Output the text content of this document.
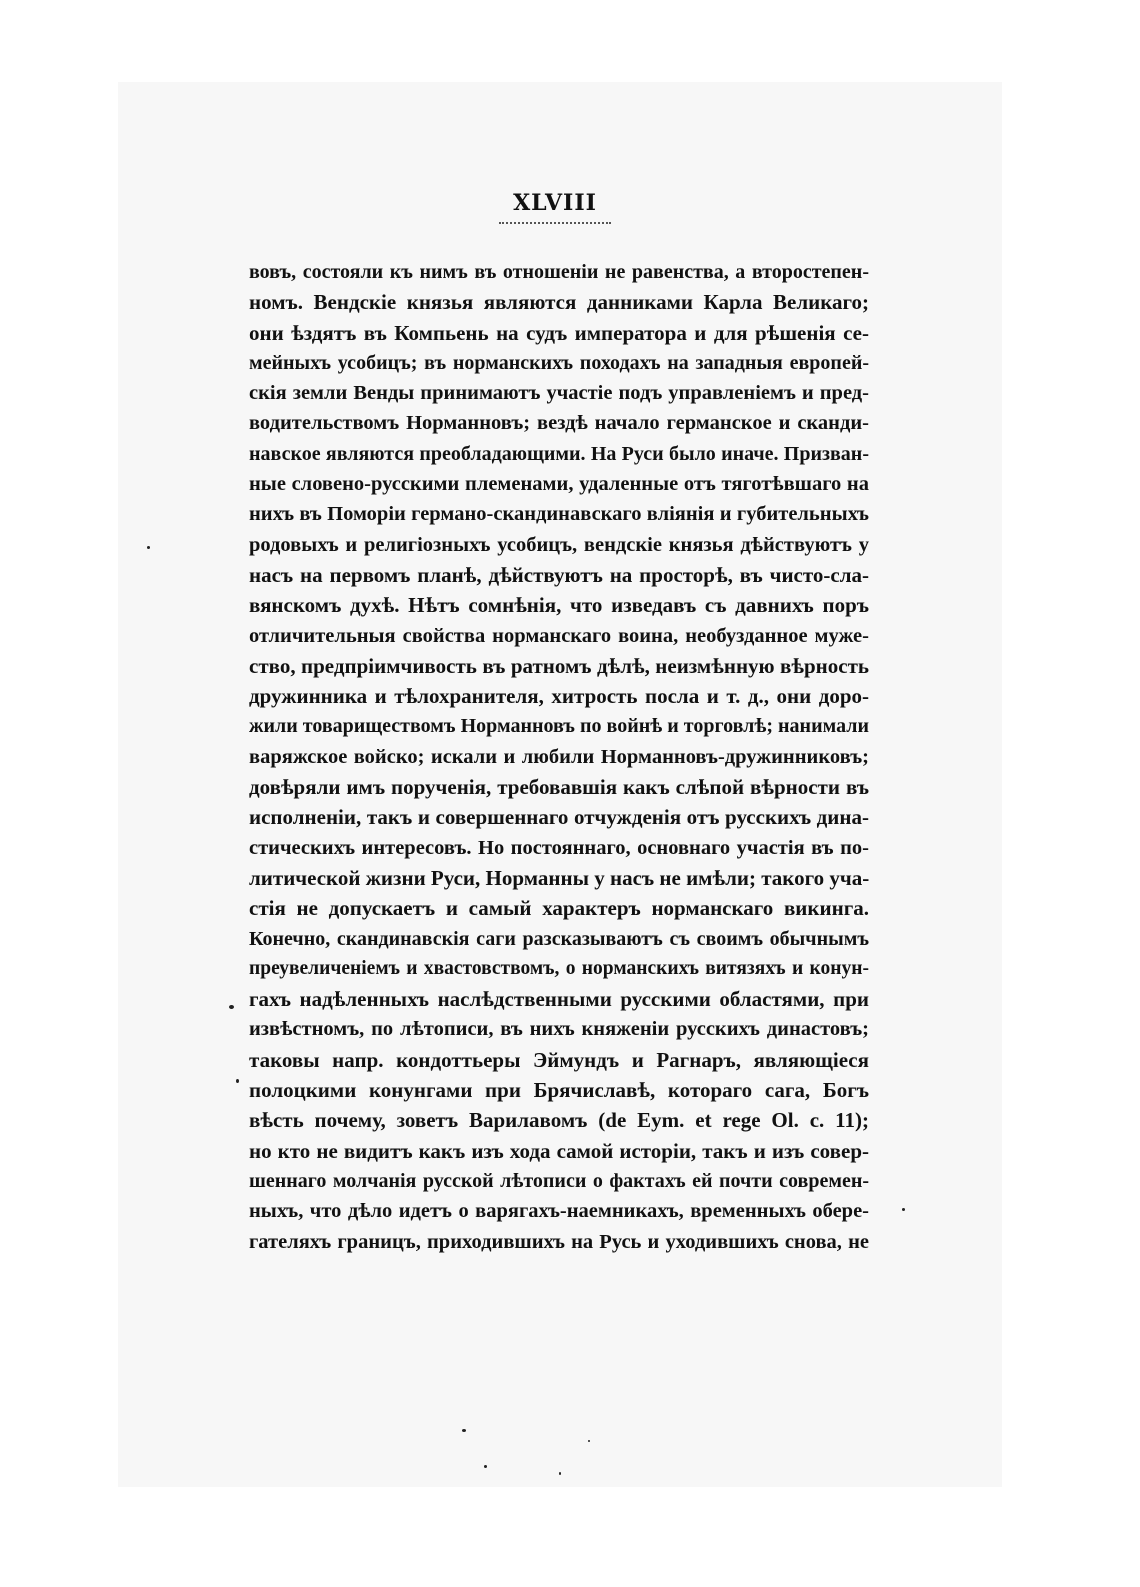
XLVIII
вовъ, состояли къ нимъ въ отношеніи не равенства, а второстепен-
номъ. Вендскіе князья являются данниками Карла Великаго;
они ѣздятъ въ Компьень на судъ императора и для рѣшенія се-
мейныхъ усобицъ; въ норманскихъ походахъ на западныя европей-
скія земли Венды принимаютъ участіе подъ управленіемъ и пред-
водительствомъ Норманновъ; вездѣ начало германское и сканди-
навское являются преобладающими. На Руси было иначе. Призван-
ные словено-русскими племенами, удаленные отъ тяготѣвшаго на
нихъ въ Поморіи германо-скандинавскаго вліянія и губительныхъ
родовыхъ и религіозныхъ усобицъ, вендскіе князья дѣйствуютъ у
насъ на первомъ планѣ, дѣйствуютъ на просторѣ, въ чисто-сла-
вянскомъ духѣ. Нѣтъ сомнѣнія, что изведавъ съ давнихъ поръ
отличительныя свойства норманскаго воина, необузданное муже-
ство, предпріимчивость въ ратномъ дѣлѣ, неизмѣнную вѣрность
дружинника и тѣлохранителя, хитрость посла и т. д., они доро-
жили товариществомъ Норманновъ по войнѣ и торговлѣ; нанимали
варяжское войско; искали и любили Норманновъ-дружинниковъ;
довѣряли имъ порученія, требовавшія какъ слѣпой вѣрности въ
исполненіи, такъ и совершеннаго отчужденія отъ русскихъ дина-
стическихъ интересовъ. Но постояннаго, основнаго участія въ по-
литической жизни Руси, Норманны у насъ не имѣли; такого уча-
стія не допускаетъ и самый характеръ норманскаго викинга.
Конечно, скандинавскія саги разсказываютъ съ своимъ обычнымъ
преувеличеніемъ и хвастовствомъ, о норманскихъ витязяхъ и конун-
гахъ надѣленныхъ наслѣдственными русскими областями, при
извѣстномъ, по лѣтописи, въ нихъ княженіи русскихъ династовъ;
таковы напр. кондоттьеры Эймундъ и Рагнаръ, являющіеся
полоцкими конунгами при Брячиславѣ, котораго сага, Богъ
вѣсть почему, зоветъ Варилавомъ (de Eym. et rege Ol. c. 11);
но кто не видитъ какъ изъ хода самой исторіи, такъ и изъ совер-
шеннаго молчанія русской лѣтописи о фактахъ ей почти современ-
ныхъ, что дѣло идетъ о варягахъ-наемникахъ, временныхъ обере-
гателяхъ границъ, приходившихъ на Русь и уходившихъ снова, не
